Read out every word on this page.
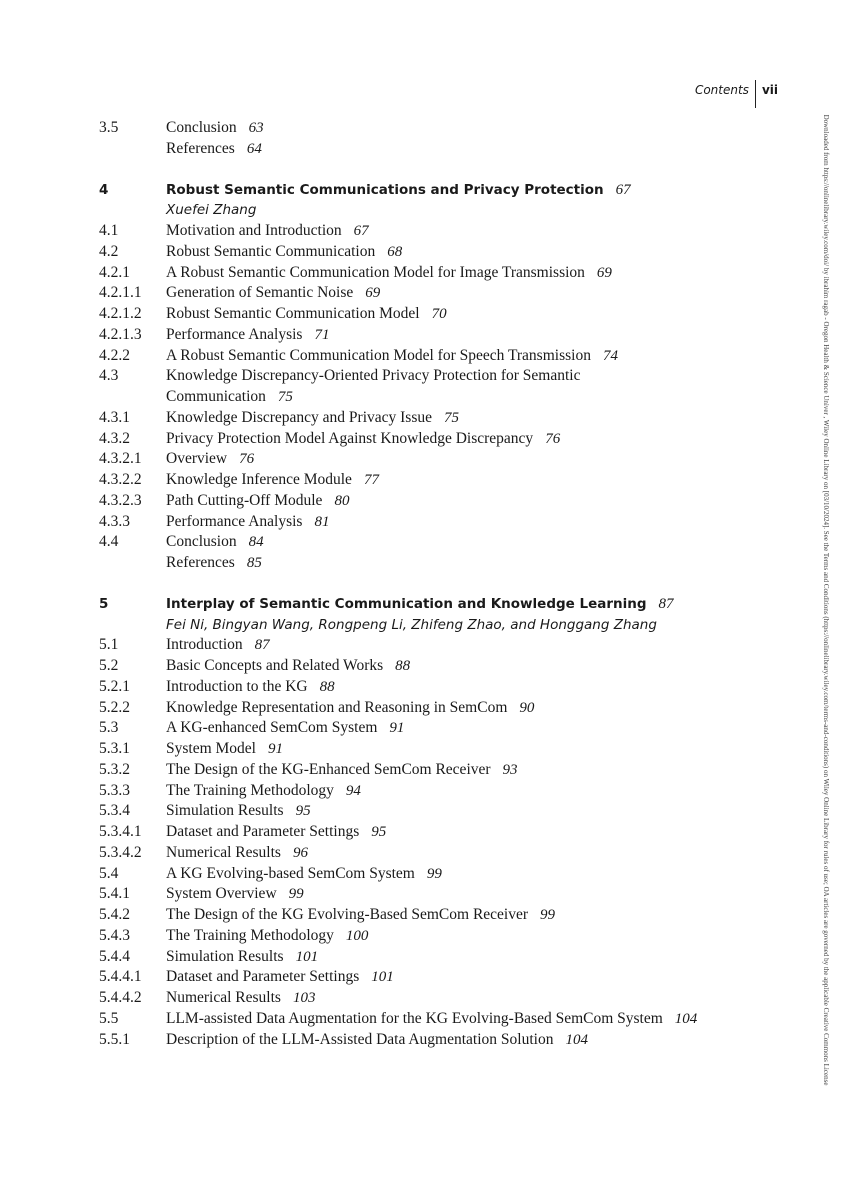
Contents	vii
Downloaded from https://onlinelibrary.wiley.com/doi/ by ibrahim ragab - Oregon Health & Science Univer , Wiley Online Library on [03/10/2024]. See the Terms and Conditions (https://onlinelibrary.wiley.com/terms-and-conditions) on Wiley Online Library for rules of use; OA articles are governed by the applicable Creative Commons License
3.5	Conclusion 63
References 64
4	Robust Semantic Communications and Privacy Protection 67
Xuefei Zhang
4.1	Motivation and Introduction 67
4.2	Robust Semantic Communication 68
4.2.1	A Robust Semantic Communication Model for Image Transmission 69
4.2.1.1	Generation of Semantic Noise 69
4.2.1.2	Robust Semantic Communication Model 70
4.2.1.3	Performance Analysis 71
4.2.2	A Robust Semantic Communication Model for Speech Transmission 74
4.3	Knowledge Discrepancy-Oriented Privacy Protection for Semantic
Communication 75
4.3.1	Knowledge Discrepancy and Privacy Issue 75
4.3.2	Privacy Protection Model Against Knowledge Discrepancy 76
4.3.2.1	Overview 76
4.3.2.2	Knowledge Inference Module 77
4.3.2.3	Path Cutting-Off Module 80
4.3.3	Performance Analysis 81
4.4	Conclusion 84
References 85
5	Interplay of Semantic Communication and Knowledge Learning 87
Fei Ni, Bingyan Wang, Rongpeng Li, Zhifeng Zhao, and Honggang Zhang
5.1	Introduction 87
5.2	Basic Concepts and Related Works 88
5.2.1	Introduction to the KG 88
5.2.2	Knowledge Representation and Reasoning in SemCom 90
5.3	A KG-enhanced SemCom System 91
5.3.1	System Model 91
5.3.2	The Design of the KG-Enhanced SemCom Receiver 93
5.3.3	The Training Methodology 94
5.3.4	Simulation Results 95
5.3.4.1	Dataset and Parameter Settings 95
5.3.4.2	Numerical Results 96
5.4	A KG Evolving-based SemCom System 99
5.4.1	System Overview 99
5.4.2	The Design of the KG Evolving-Based SemCom Receiver 99
5.4.3	The Training Methodology 100
5.4.4	Simulation Results 101
5.4.4.1	Dataset and Parameter Settings 101
5.4.4.2	Numerical Results 103
5.5	LLM-assisted Data Augmentation for the KG Evolving-Based SemCom System 104
5.5.1	Description of the LLM-Assisted Data Augmentation Solution 104
